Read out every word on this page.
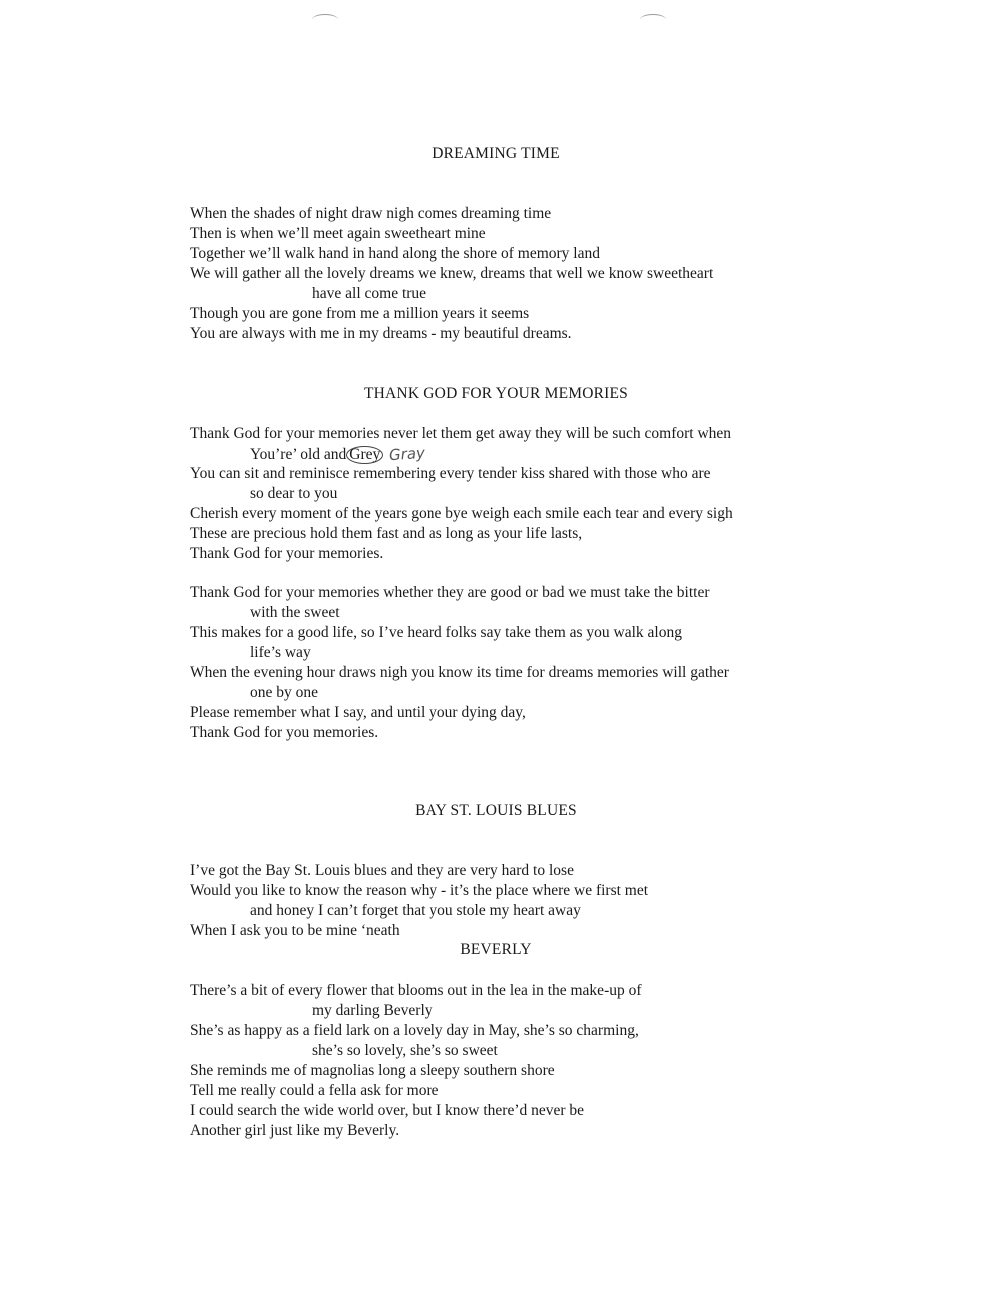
DREAMING TIME
When the shades of night draw nigh comes dreaming time
Then is when we’ll meet again sweetheart mine
Together we’ll walk hand in hand along the shore of memory land
We will gather all the lovely dreams we knew, dreams that well we know sweetheart
have all come true
Though you are gone from me a million years it seems
You are always with me in my dreams - my beautiful dreams.
THANK GOD FOR YOUR MEMORIES
Thank God for your memories never let them get away they will be such comfort when
You’re’ old and Grey Gray
You can sit and reminisce remembering every tender kiss shared with those who are
so dear to you
Cherish every moment of the years gone bye weigh each smile each tear and every sigh
These are precious hold them fast and as long as your life lasts,
Thank God for your memories.
Thank God for your memories whether they are good or bad we must take the bitter
with the sweet
This makes for a good life, so I’ve heard folks say take them as you walk along
life’s way
When the evening hour draws nigh you know its time for dreams memories will gather
one by one
Please remember what I say, and until your dying day,
Thank God for you memories.
BAY ST. LOUIS BLUES
I’ve got the Bay St. Louis blues and they are very hard to lose
Would you like to know the reason why - it’s the place where we first met
and honey I can’t forget that you stole my heart away
When I ask you to be mine ‘neath
BEVERLY
There’s a bit of every flower that blooms out in the lea in the make-up of
my darling Beverly
She’s as happy as a field lark on a lovely day in May, she’s so charming,
she’s so lovely, she’s so sweet
She reminds me of magnolias long a sleepy southern shore
Tell me really could a fella ask for more
I could search the wide world over, but I know there’d never be
Another girl just like my Beverly.
